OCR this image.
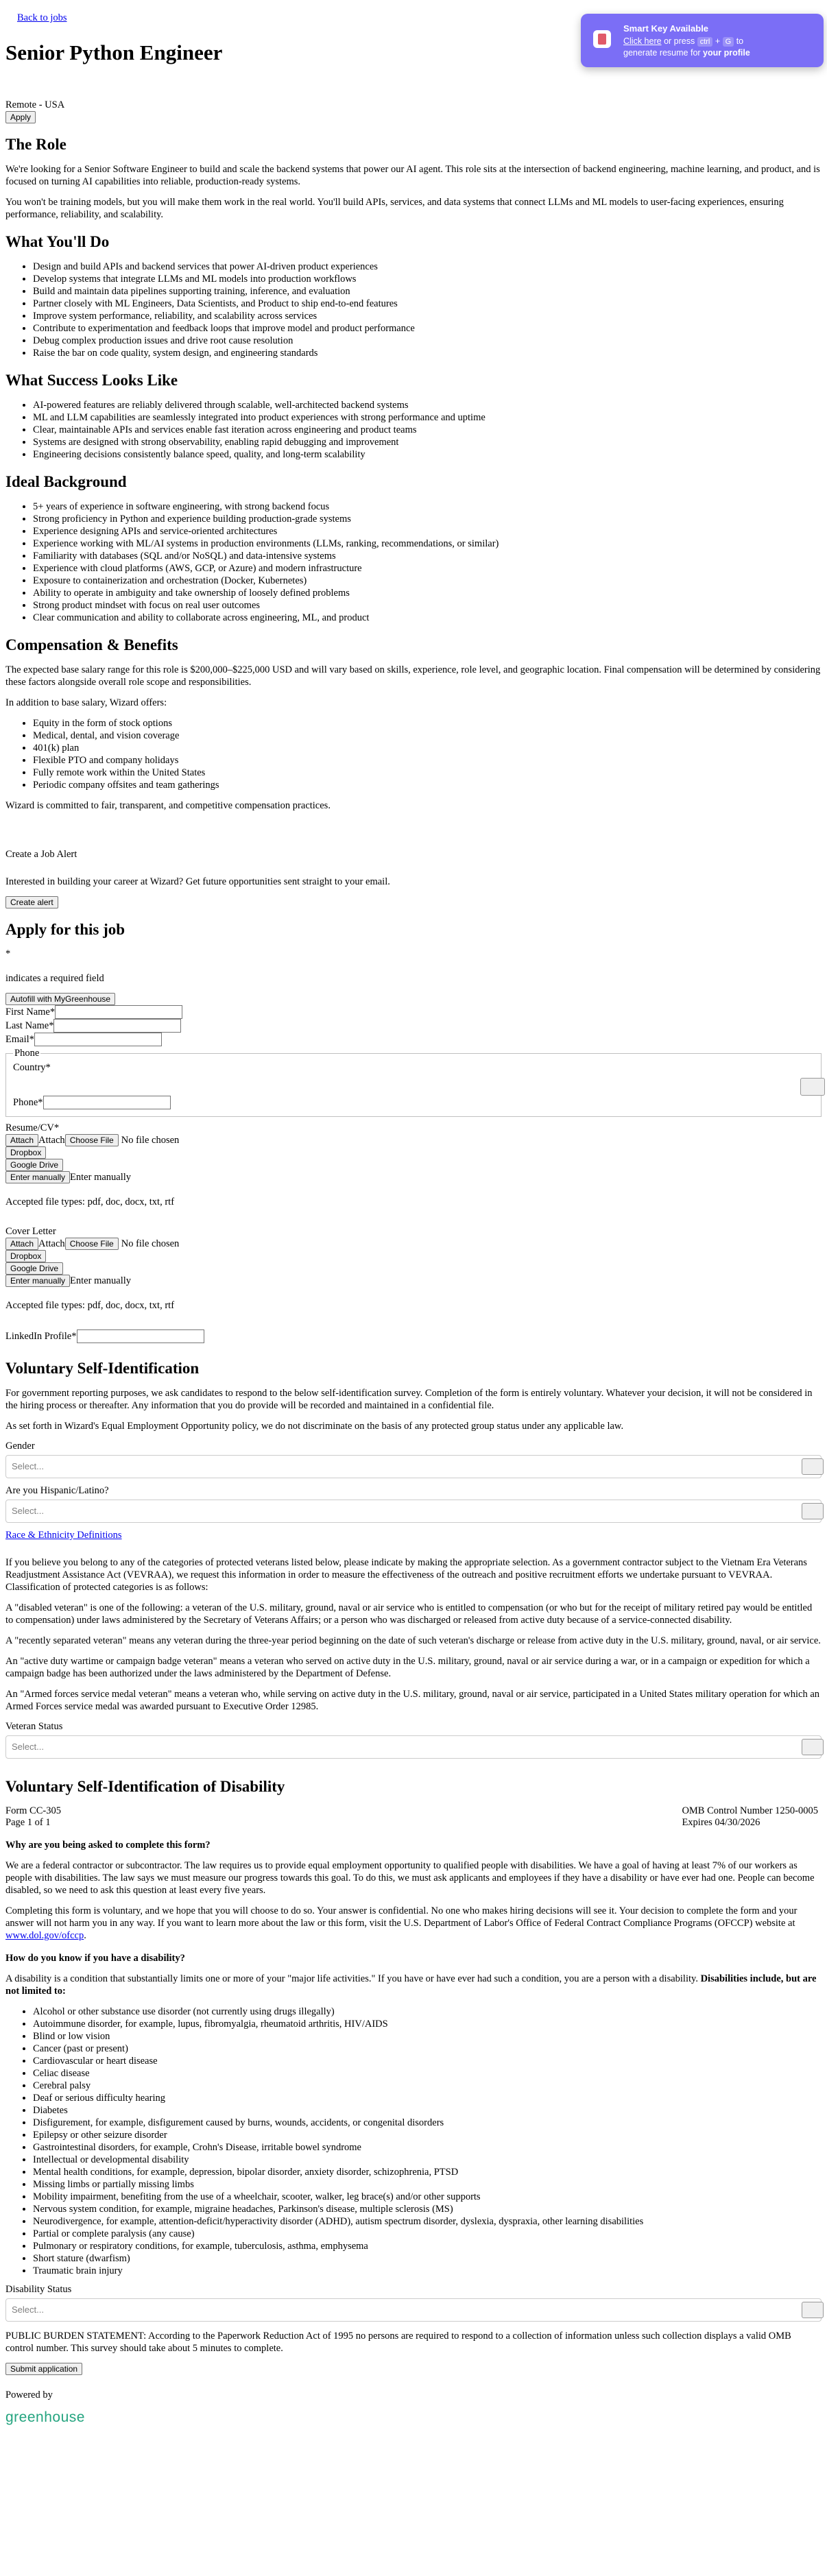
Smart Key Available
Click here or press ctrl + G to
generate resume for your profile
Back to jobs
Senior Python Engineer
Remote - USA
Apply
The Role

We're looking for a Senior Software Engineer to build and scale the backend systems that power our AI agent. This role sits at the intersection of backend engineering, machine learning, and product, and is focused on turning AI capabilities into reliable, production-ready systems.

You won't be training models, but you will make them work in the real world. You'll build APIs, services, and data systems that connect LLMs and ML models to user-facing experiences, ensuring performance, reliability, and scalability.

What You'll Do
• Design and build APIs and backend services that power AI-driven product experiences
• Develop systems that integrate LLMs and ML models into production workflows
• Build and maintain data pipelines supporting training, inference, and evaluation
• Partner closely with ML Engineers, Data Scientists, and Product to ship end-to-end features
• Improve system performance, reliability, and scalability across services
• Contribute to experimentation and feedback loops that improve model and product performance
• Debug complex production issues and drive root cause resolution
• Raise the bar on code quality, system design, and engineering standards
What Success Looks Like
• AI-powered features are reliably delivered through scalable, well-architected backend systems
• ML and LLM capabilities are seamlessly integrated into product experiences with strong performance and uptime
• Clear, maintainable APIs and services enable fast iteration across engineering and product teams
• Systems are designed with strong observability, enabling rapid debugging and improvement
• Engineering decisions consistently balance speed, quality, and long-term scalability
Ideal Background
• 5+ years of experience in software engineering, with strong backend focus
• Strong proficiency in Python and experience building production-grade systems
• Experience designing APIs and service-oriented architectures
• Experience working with ML/AI systems in production environments (LLMs, ranking, recommendations, or similar)
• Familiarity with databases (SQL and/or NoSQL) and data-intensive systems
• Experience with cloud platforms (AWS, GCP, or Azure) and modern infrastructure
• Exposure to containerization and orchestration (Docker, Kubernetes)
• Ability to operate in ambiguity and take ownership of loosely defined problems
• Strong product mindset with focus on real user outcomes
• Clear communication and ability to collaborate across engineering, ML, and product
Compensation & Benefits

The expected base salary range for this role is $200,000–$225,000 USD and will vary based on skills, experience, role level, and geographic location. Final compensation will be determined by considering these factors alongside overall role scope and responsibilities.

In addition to base salary, Wizard offers:

• Equity in the form of stock options
• Medical, dental, and vision coverage
• 401(k) plan
• Flexible PTO and company holidays
• Fully remote work within the United States
• Periodic company offsites and team gatherings

Wizard is committed to fair, transparent, and competitive compensation practices.

Create a Job Alert

Interested in building your career at Wizard? Get future opportunities sent straight to your email.

Create alert
Apply for this job
*

indicates a required field

Autofill with MyGreenhouse
First Name*
Last Name*
Email*
Phone
Country*
Phone*
Resume/CV*
Attach Attach Choose File No file chosen
Dropbox
Google Drive
Enter manually Enter manually

Accepted file types: pdf, doc, docx, txt, rtf

Cover Letter
Attach Attach Choose File No file chosen
Dropbox
Google Drive
Enter manually Enter manually

Accepted file types: pdf, doc, docx, txt, rtf

LinkedIn Profile*
Voluntary Self-Identification

For government reporting purposes, we ask candidates to respond to the below self-identification survey. Completion of the form is entirely voluntary. Whatever your decision, it will not be considered in the hiring process or thereafter. Any information that you do provide will be recorded and maintained in a confidential file.

As set forth in Wizard's Equal Employment Opportunity policy, we do not discriminate on the basis of any protected group status under any applicable law.

Gender
Select...
Are you Hispanic/Latino?
Select...
Race & Ethnicity Definitions

If you believe you belong to any of the categories of protected veterans listed below, please indicate by making the appropriate selection. As a government contractor subject to the Vietnam Era Veterans Readjustment Assistance Act (VEVRAA), we request this information in order to measure the effectiveness of the outreach and positive recruitment efforts we undertake pursuant to VEVRAA. Classification of protected categories is as follows:

A "disabled veteran" is one of the following: a veteran of the U.S. military, ground, naval or air service who is entitled to compensation (or who but for the receipt of military retired pay would be entitled to compensation) under laws administered by the Secretary of Veterans Affairs; or a person who was discharged or released from active duty because of a service-connected disability.

A "recently separated veteran" means any veteran during the three-year period beginning on the date of such veteran's discharge or release from active duty in the U.S. military, ground, naval, or air service.

An "active duty wartime or campaign badge veteran" means a veteran who served on active duty in the U.S. military, ground, naval or air service during a war, or in a campaign or expedition for which a campaign badge has been authorized under the laws administered by the Department of Defense.

An "Armed forces service medal veteran" means a veteran who, while serving on active duty in the U.S. military, ground, naval or air service, participated in a United States military operation for which an Armed Forces service medal was awarded pursuant to Executive Order 12985.

Veteran Status
Select...
Voluntary Self-Identification of Disability
Form CC-305
Page 1 of 1
OMB Control Number 1250-0005
Expires 04/30/2026
Why are you being asked to complete this form?

We are a federal contractor or subcontractor. The law requires us to provide equal employment opportunity to qualified people with disabilities. We have a goal of having at least 7% of our workers as people with disabilities. The law says we must measure our progress towards this goal. To do this, we must ask applicants and employees if they have a disability or have ever had one. People can become disabled, so we need to ask this question at least every five years.

Completing this form is voluntary, and we hope that you will choose to do so. Your answer is confidential. No one who makes hiring decisions will see it. Your decision to complete the form and your answer will not harm you in any way. If you want to learn more about the law or this form, visit the U.S. Department of Labor's Office of Federal Contract Compliance Programs (OFCCP) website at www.dol.gov/ofccp.

How do you know if you have a disability?

A disability is a condition that substantially limits one or more of your "major life activities." If you have or have ever had such a condition, you are a person with a disability. Disabilities include, but are not limited to:

• Alcohol or other substance use disorder (not currently using drugs illegally)
• Autoimmune disorder, for example, lupus, fibromyalgia, rheumatoid arthritis, HIV/AIDS
• Blind or low vision
• Cancer (past or present)
• Cardiovascular or heart disease
• Celiac disease
• Cerebral palsy
• Deaf or serious difficulty hearing
• Diabetes
• Disfigurement, for example, disfigurement caused by burns, wounds, accidents, or congenital disorders
• Epilepsy or other seizure disorder
• Gastrointestinal disorders, for example, Crohn's Disease, irritable bowel syndrome
• Intellectual or developmental disability
• Mental health conditions, for example, depression, bipolar disorder, anxiety disorder, schizophrenia, PTSD
• Missing limbs or partially missing limbs
• Mobility impairment, benefiting from the use of a wheelchair, scooter, walker, leg brace(s) and/or other supports
• Nervous system condition, for example, migraine headaches, Parkinson's disease, multiple sclerosis (MS)
• Neurodivergence, for example, attention-deficit/hyperactivity disorder (ADHD), autism spectrum disorder, dyslexia, dyspraxia, other learning disabilities
• Partial or complete paralysis (any cause)
• Pulmonary or respiratory conditions, for example, tuberculosis, asthma, emphysema
• Short stature (dwarfism)
• Traumatic brain injury
Disability Status
Select...

PUBLIC BURDEN STATEMENT: According to the Paperwork Reduction Act of 1995 no persons are required to respond to a collection of information unless such collection displays a valid OMB control number. This survey should take about 5 minutes to complete.

Submit application

Powered by

greenhouse
